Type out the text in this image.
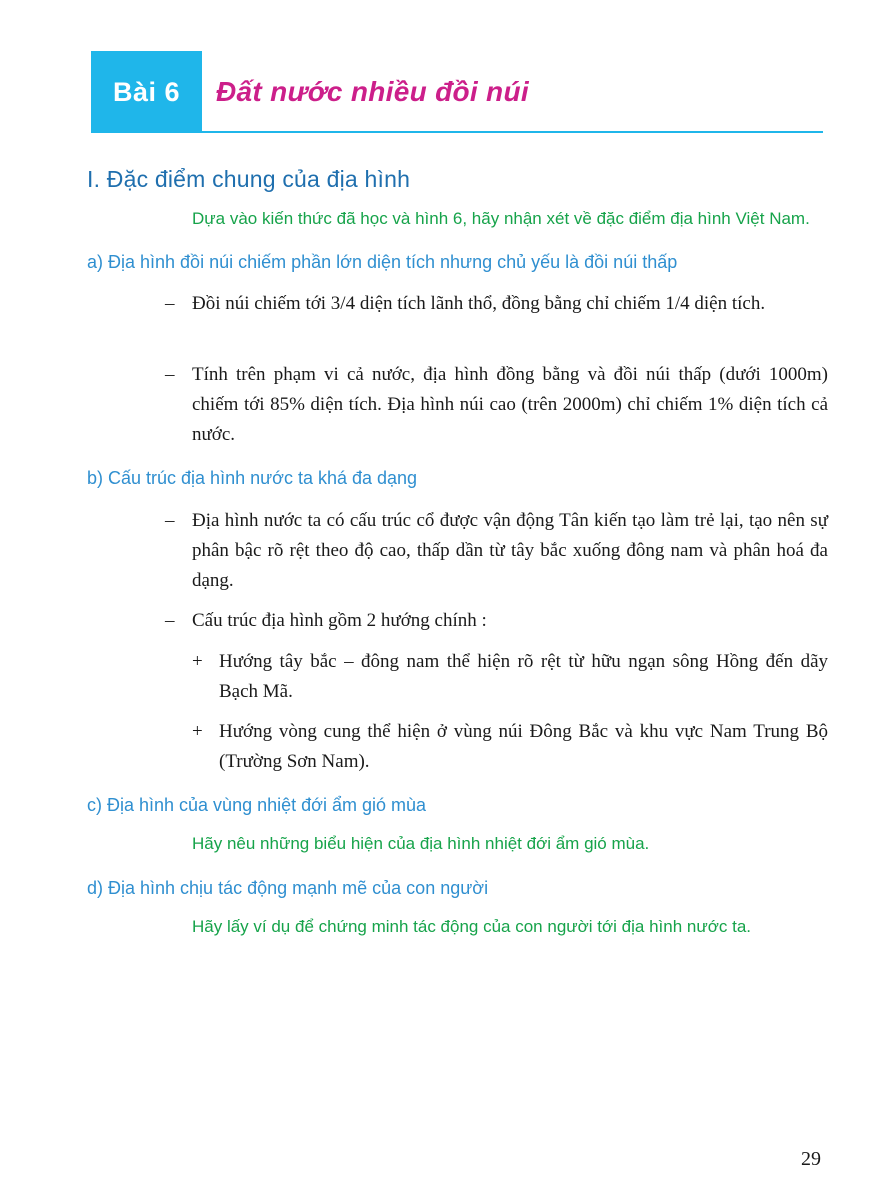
Bài 6	Đất nước nhiều đồi núi
I. Đặc điểm chung của địa hình
Dựa vào kiến thức đã học và hình 6, hãy nhận xét về đặc điểm địa hình Việt Nam.
a) Địa hình đồi núi chiếm phần lớn diện tích nhưng chủ yếu là đồi núi thấp
– Đồi núi chiếm tới 3/4 diện tích lãnh thổ, đồng bằng chỉ chiếm 1/4 diện tích.
– Tính trên phạm vi cả nước, địa hình đồng bằng và đồi núi thấp (dưới 1000m) chiếm tới 85% diện tích. Địa hình núi cao (trên 2000m) chỉ chiếm 1% diện tích cả nước.
b) Cấu trúc địa hình nước ta khá đa dạng
– Địa hình nước ta có cấu trúc cổ được vận động Tân kiến tạo làm trẻ lại, tạo nên sự phân bậc rõ rệt theo độ cao, thấp dần từ tây bắc xuống đông nam và phân hoá đa dạng.
– Cấu trúc địa hình gồm 2 hướng chính :
+ Hướng tây bắc – đông nam thể hiện rõ rệt từ hữu ngạn sông Hồng đến dãy Bạch Mã.
+ Hướng vòng cung thể hiện ở vùng núi Đông Bắc và khu vực Nam Trung Bộ (Trường Sơn Nam).
c) Địa hình của vùng nhiệt đới ẩm gió mùa
Hãy nêu những biểu hiện của địa hình nhiệt đới ẩm gió mùa.
d) Địa hình chịu tác động mạnh mẽ của con người
Hãy lấy ví dụ để chứng minh tác động của con người tới địa hình nước ta.
29
